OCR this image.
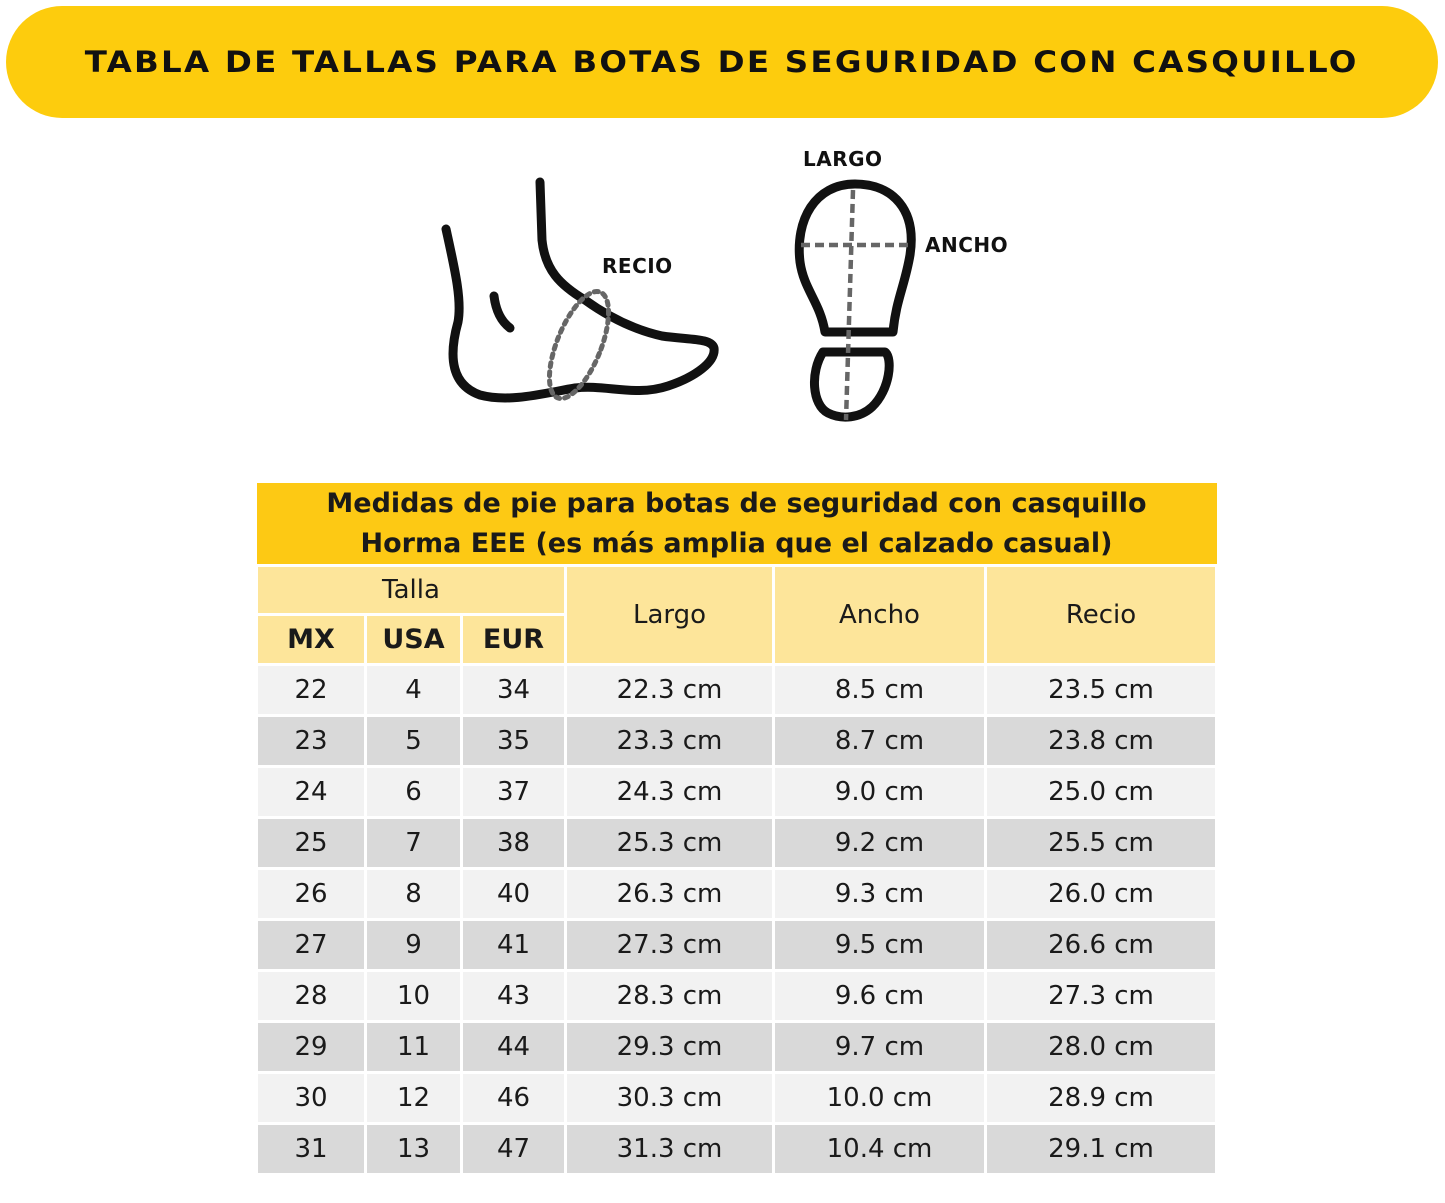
TABLA DE TALLAS PARA BOTAS DE SEGURIDAD CON CASQUILLO
RECIO
LARGO
ANCHO
Medidas de pie para botas de seguridad con casquillo
Horma EEE (es más amplia que el calzado casual)					

Talla			Largo	Ancho	Recio
MX	USA	EUR			
22	4	34	22.3 cm	8.5 cm	23.5 cm
23	5	35	23.3 cm	8.7 cm	23.8 cm
24	6	37	24.3 cm	9.0 cm	25.0 cm
25	7	38	25.3 cm	9.2 cm	25.5 cm
26	8	40	26.3 cm	9.3 cm	26.0 cm
27	9	41	27.3 cm	9.5 cm	26.6 cm
28	10	43	28.3 cm	9.6 cm	27.3 cm
29	11	44	29.3 cm	9.7 cm	28.0 cm
30	12	46	30.3 cm	10.0 cm	28.9 cm
31	13	47	31.3 cm	10.4 cm	29.1 cm
